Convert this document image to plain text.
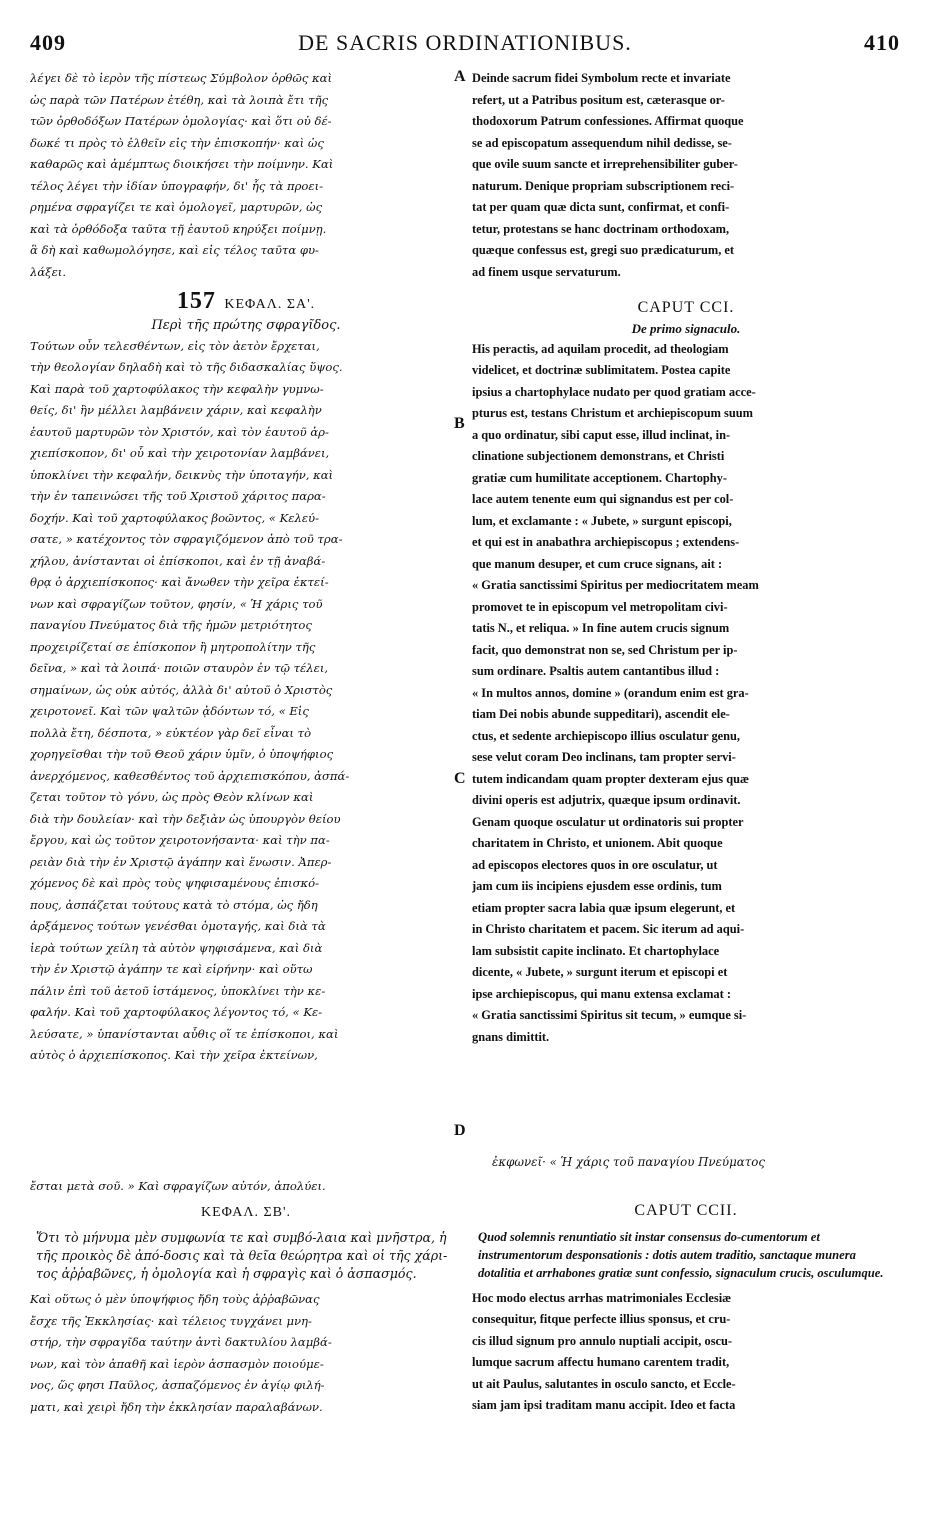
409	DE SACRIS ORDINATIONIBUS.	410
λέγει δὲ τὸ ἱερὸν τῆς πίστεως Σύμβολον ὀρθῶς καὶ
ὡς παρὰ τῶν Πατέρων ἐτέθη, καὶ τὰ λοιπὰ ἔτι τῆς
τῶν ὀρθοδόξων Πατέρων ὁμολογίας· καὶ ὅτι οὐ δέ-
δωκέ τι πρὸς τὸ ἐλθεῖν εἰς τὴν ἐπισκοπήν· καὶ ὡς
καθαρῶς καὶ ἀμέμπτως διοικήσει τὴν ποίμνην. Καὶ
τέλος λέγει τὴν ἰδίαν ὑπογραφήν, δι' ἧς τὰ προει-
ρημένα σφραγίζει τε καὶ ὁμολογεῖ, μαρτυρῶν, ὡς
καὶ τὰ ὀρθόδοξα ταῦτα τῇ ἑαυτοῦ κηρύξει ποίμνῃ.
ἃ δὴ καὶ καθωμολόγησε, καὶ εἰς τέλος ταῦτα φυ-
λάξει.
157 ΚΕΦΑΛ. ΣΑ'.
Περὶ τῆς πρώτης σφραγῖδος.
Τούτων οὖν τελεσθέντων, εἰς τὸν ἀετὸν ἔρχεται,
τὴν θεολογίαν δηλαδὴ καὶ τὸ τῆς διδασκαλίας ὕψος.
Καὶ παρὰ τοῦ χαρτοφύλακος τὴν κεφαλὴν γυμνω-
θείς, δι' ἣν μέλλει λαμβάνειν χάριν, καὶ κεφαλὴν
ἑαυτοῦ μαρτυρῶν τὸν Χριστόν, καὶ τὸν ἑαυτοῦ ἀρ-
χιεπίσκοπον, δι' οὗ καὶ τὴν χειροτονίαν λαμβάνει,
ὑποκλίνει τὴν κεφαλήν, δεικνὺς τὴν ὑποταγήν, καὶ
τὴν ἐν ταπεινώσει τῆς τοῦ Χριστοῦ χάριτος παρα-
δοχήν. Καὶ τοῦ χαρτοφύλακος βοῶντος, « Κελεύ-
σατε, » κατέχοντος τὸν σφραγιζόμενον ἀπὸ τοῦ τρα-
χήλου, ἀνίστανται οἱ ἐπίσκοποι, καὶ ἐν τῇ ἀναβά-
θρᾳ ὁ ἀρχιεπίσκοπος· καὶ ἄνωθεν τὴν χεῖρα ἐκτεί-
νων καὶ σφραγίζων τοῦτον, φησίν, « Ἡ χάρις τοῦ
παναγίου Πνεύματος διὰ τῆς ἡμῶν μετριότητος
προχειρίζεταί σε ἐπίσκοπον ἢ μητροπολίτην τῆς
δεῖνα, » καὶ τὰ λοιπά· ποιῶν σταυρὸν ἐν τῷ τέλει,
σημαίνων, ὡς οὐκ αὐτός, ἀλλὰ δι' αὐτοῦ ὁ Χριστὸς
χειροτονεῖ. Καὶ τῶν ψαλτῶν ᾀδόντων τό, « Εἰς
πολλὰ ἔτη, δέσποτα, » εὐκτέον γὰρ δεῖ εἶναι τὸ
χορηγεῖσθαι τὴν τοῦ Θεοῦ χάριν ὑμῖν, ὁ ὑποψήφιος
ἀνερχόμενος, καθεσθέντος τοῦ ἀρχιεπισκόπου, ἀσπά-
ζεται τοῦτον τὸ γόνυ, ὡς πρὸς Θεὸν κλίνων καὶ
διὰ τὴν δουλείαν· καὶ τὴν δεξιὰν ὡς ὑπουργὸν θείου
ἔργου, καὶ ὡς τοῦτον χειροτονήσαντα· καὶ τὴν πα-
ρειὰν διὰ τὴν ἐν Χριστῷ ἀγάπην καὶ ἕνωσιν. Ἀπερ-
χόμενος δὲ καὶ πρὸς τοὺς ψηφισαμένους ἐπισκό-
πους, ἀσπάζεται τούτους κατὰ τὸ στόμα, ὡς ἤδη
ἀρξάμενος τούτων γενέσθαι ὁμοταγής, καὶ διὰ τὰ
ἱερὰ τούτων χείλη τὰ αὐτὸν ψηφισάμενα, καὶ διὰ
τὴν ἐν Χριστῷ ἀγάπην τε καὶ εἰρήνην· καὶ οὕτω
πάλιν ἐπὶ τοῦ ἀετοῦ ἱστάμενος, ὑποκλίνει τὴν κε-
φαλήν. Καὶ τοῦ χαρτοφύλακος λέγοντος τό, « Κε-
λεύσατε, » ὑπανίστανται αὖθις οἵ τε ἐπίσκοποι, καὶ
αὐτὸς ὁ ἀρχιεπίσκοπος. Καὶ τὴν χεῖρα ἐκτείνων,
ἐκφωνεῖ· « Ἡ χάρις τοῦ παναγίου Πνεύματος
ἔσται μετὰ σοῦ. » Καὶ σφραγίζων αὐτόν, ἀπολύει.
ΚΕΦΑΛ. ΣΒ'.
Ὅτι τὸ μήνυμα μὲν συμφωνία τε καὶ συμβό-λαια καὶ μνῆστρα, ἡ τῆς προικὸς δὲ ἀπό-δοσις καὶ τὰ θεῖα θεώρητρα καὶ οἱ τῆς χάρι-τος ἀῤῥαβῶνες, ἡ ὁμολογία καὶ ἡ σφραγὶς καὶ ὁ ἀσπασμός.
Καὶ οὕτως ὁ μὲν ὑποψήφιος ἤδη τοὺς ἀῤῥαβῶνας
ἔσχε τῆς Ἐκκλησίας· καὶ τέλειος τυγχάνει μνη-
στήρ, τὴν σφραγῖδα ταύτην ἀντὶ δακτυλίου λαμβά-
νων, καὶ τὸν ἀπαθῆ καὶ ἱερὸν ἀσπασμὸν ποιούμε-
νος, ὥς φησι Παῦλος, ἀσπαζόμενος ἐν ἁγίῳ φιλή-
ματι, καὶ χειρὶ ἤδη τὴν ἐκκλησίαν παραλαβάνων.
Deinde sacrum fidei Symbolum recte et invariate
refert, ut a Patribus positum est, cæterasque or-
thodoxorum Patrum confessiones. Affirmat quoque
se ad episcopatum assequendum nihil dedisse, se-
que ovile suum sancte et irreprehensibiliter guber-
naturum. Denique propriam subscriptionem reci-
tat per quam quæ dicta sunt, confirmat, et confi-
tetur, protestans se hanc doctrinam orthodoxam,
quæque confessus est, gregi suo prædicaturum, et
ad finem usque servaturum.
CAPUT CCI.
De primo signaculo.
His peractis, ad aquilam procedit, ad theologiam
videlicet, et doctrinæ sublimitatem. Postea capite
ipsius a chartophylace nudato per quod gratiam acce-
pturus est, testans Christum et archiepiscopum suum
a quo ordinatur, sibi caput esse, illud inclinat, in-
clinatione subjectionem demonstrans, et Christi
gratiæ cum humilitate acceptionem. Chartophy-
lace autem tenente eum qui signandus est per col-
lum, et exclamante : « Jubete, » surgunt episcopi,
et qui est in anabathra archiepiscopus ; extendens-
que manum desuper, et cum cruce signans, ait :
« Gratia sanctissimi Spiritus per mediocritatem meam
promovet te in episcopum vel metropolitam civi-
tatis N., et reliqua. » In fine autem crucis signum
facit, quo demonstrat non se, sed Christum per ip-
sum ordinare. Psaltis autem cantantibus illud :
« In multos annos, domine » (orandum enim est gra-
tiam Dei nobis abunde suppeditari), ascendit ele-
ctus, et sedente archiepiscopo illius osculatur genu,
sese velut coram Deo inclinans, tam propter servi-
tutem indicandam quam propter dexteram ejus quæ
divini operis est adjutrix, quæque ipsum ordinavit.
Genam quoque osculatur ut ordinatoris sui propter
charitatem in Christo, et unionem. Abit quoque
ad episcopos electores quos in ore osculatur, ut
jam cum iis incipiens ejusdem esse ordinis, tum
etiam propter sacra labia quæ ipsum elegerunt, et
in Christo charitatem et pacem. Sic iterum ad aqui-
lam subsistit capite inclinato. Et chartophylace
dicente, « Jubete, » surgunt iterum et episcopi et
ipse archiepiscopus, qui manu extensa exclamat :
« Gratia sanctissimi Spiritus sit tecum, » eumque si-
gnans dimittit.
CAPUT CCII.
Quod solemnis renuntiatio sit instar consensus do-cumentorum et instrumentorum desponsationis : dotis autem traditio, sanctaque munera dotalitia et arrhabones gratiæ sunt confessio, signaculum crucis, osculumque.
Hoc modo electus arrhas matrimoniales Ecclesiæ
consequitur, fitque perfecte illius sponsus, et cru-
cis illud signum pro annulo nuptiali accipit, oscu-
lumque sacrum affectu humano carentem tradit,
ut ait Paulus, salutantes in osculo sancto, et Eccle-
siam jam ipsi traditam manu accipit. Ideo et facta
A
B
C
D
